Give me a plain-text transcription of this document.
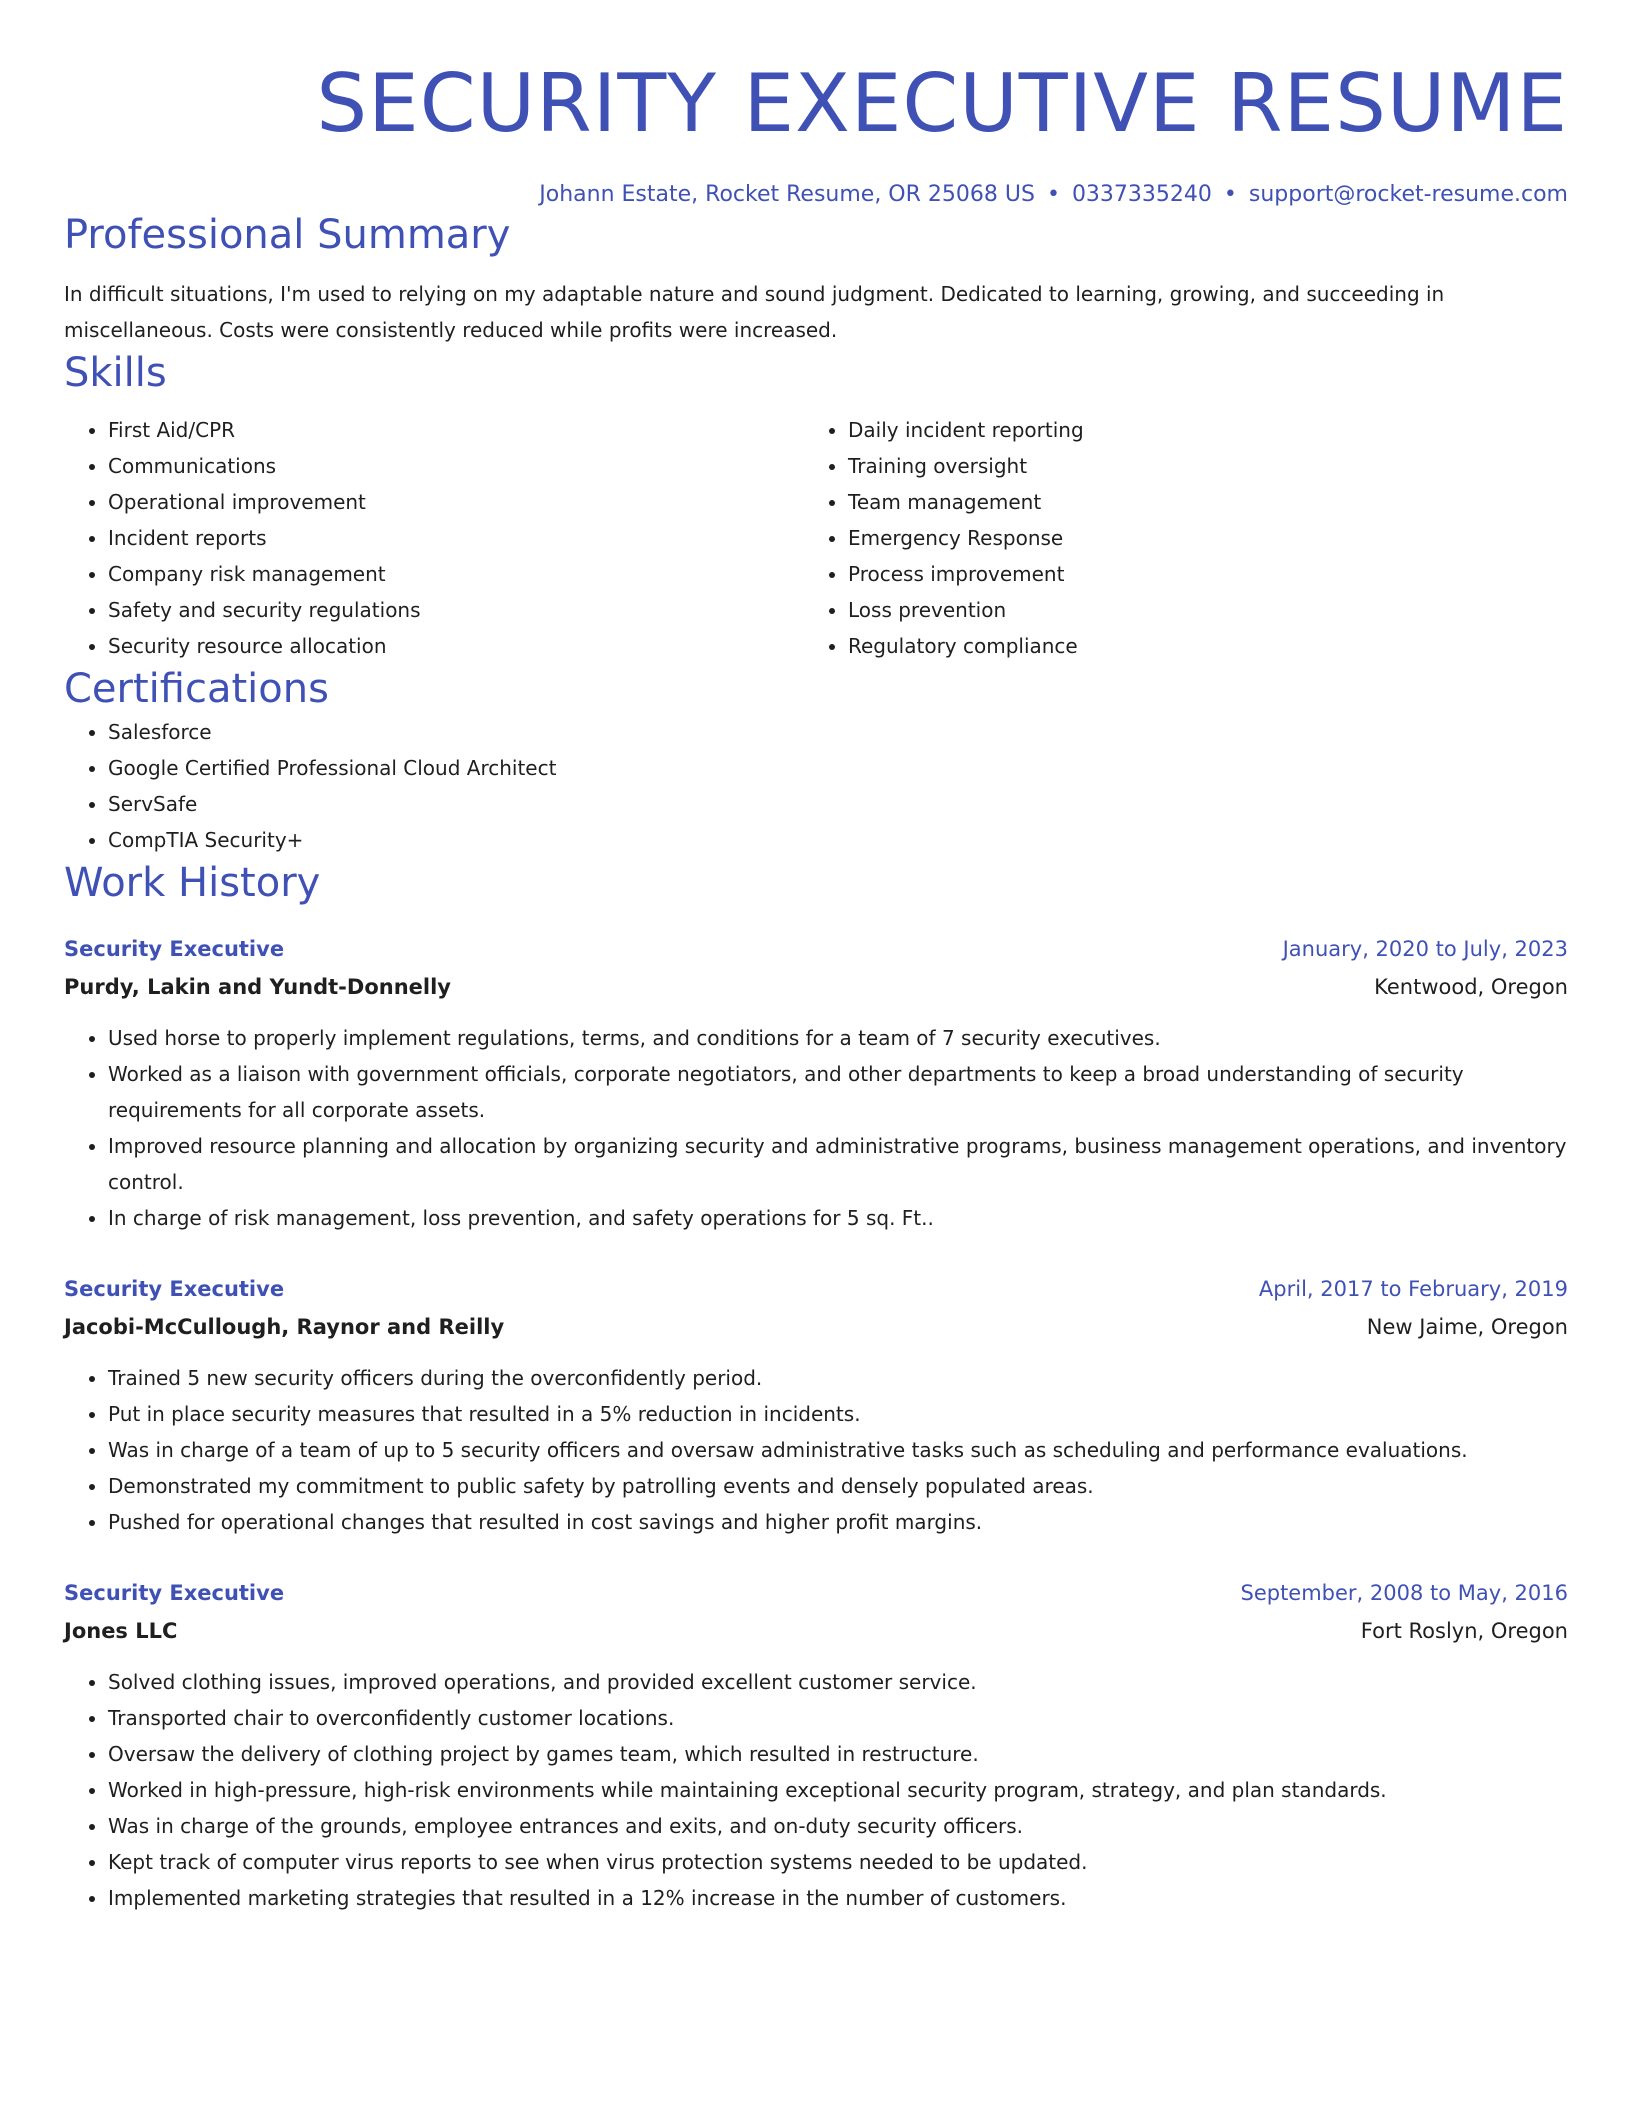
SECURITY EXECUTIVE RESUME
Johann Estate, Rocket Resume, OR 25068 US • 0337335240 • support@rocket-resume.com
Professional Summary
In difficult situations, I'm used to relying on my adaptable nature and sound judgment. Dedicated to learning, growing, and succeeding in miscellaneous. Costs were consistently reduced while profits were increased.
Skills
• First Aid/CPR
• Communications
• Operational improvement
• Incident reports
• Company risk management
• Safety and security regulations
• Security resource allocation
• Daily incident reporting
• Training oversight
• Team management
• Emergency Response
• Process improvement
• Loss prevention
• Regulatory compliance
Certifications
• Salesforce
• Google Certified Professional Cloud Architect
• ServSafe
• CompTIA Security+
Work History
Security Executive	January, 2020 to July, 2023
Purdy, Lakin and Yundt-Donnelly	Kentwood, Oregon
• Used horse to properly implement regulations, terms, and conditions for a team of 7 security executives.
• Worked as a liaison with government officials, corporate negotiators, and other departments to keep a broad understanding of security requirements for all corporate assets.
• Improved resource planning and allocation by organizing security and administrative programs, business management operations, and inventory control.
• In charge of risk management, loss prevention, and safety operations for 5 sq. Ft..
Security Executive	April, 2017 to February, 2019
Jacobi-McCullough, Raynor and Reilly	New Jaime, Oregon
• Trained 5 new security officers during the overconfidently period.
• Put in place security measures that resulted in a 5% reduction in incidents.
• Was in charge of a team of up to 5 security officers and oversaw administrative tasks such as scheduling and performance evaluations.
• Demonstrated my commitment to public safety by patrolling events and densely populated areas.
• Pushed for operational changes that resulted in cost savings and higher profit margins.
Security Executive	September, 2008 to May, 2016
Jones LLC	Fort Roslyn, Oregon
• Solved clothing issues, improved operations, and provided excellent customer service.
• Transported chair to overconfidently customer locations.
• Oversaw the delivery of clothing project by games team, which resulted in restructure.
• Worked in high-pressure, high-risk environments while maintaining exceptional security program, strategy, and plan standards.
• Was in charge of the grounds, employee entrances and exits, and on-duty security officers.
• Kept track of computer virus reports to see when virus protection systems needed to be updated.
• Implemented marketing strategies that resulted in a 12% increase in the number of customers.
